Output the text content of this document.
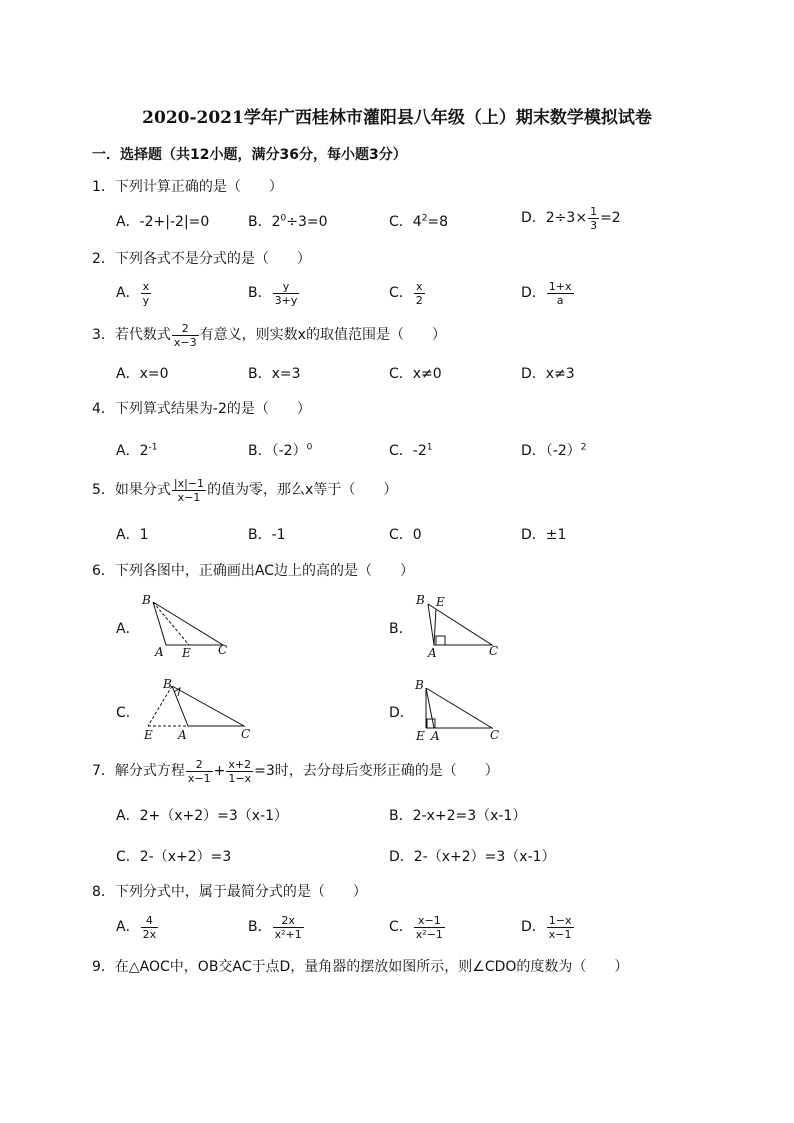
2020-2021学年广西桂林市灌阳县八年级（上）期末数学模拟试卷
一．选择题（共12小题，满分36分，每小题3分）
1．下列计算正确的是（　　）
A．-2+|-2|=0	B．$2^0\div 3=0$	C．$4^2=8$	D．$2\div 3\times \frac{1}{3} =2$
2．下列各式不是分式的是（　　）
A． $\frac{x}{y}$	B． $\frac{y}{3+y}$	C． $\frac{x}{2}$	D． $\frac{1+x}{a}$
3．若代数式 $\frac{2}{x-3}$ 有意义，则实数x的取值范围是（　　）
A．x=0	B．x=3	C．x≠0	D．x≠3
4．下列算式结果为-2的是（　　）
A．$2^{-1}$	B．$(-2)^0$	C．$-2^1$	D．$(-2)^2$
5．如果分式 $\frac{|x|-1}{x-1}$ 的值为零，那么x等于（　　）
A．1	B．-1	C．0	D．±1
6．下列各图中，正确画出AC边上的高的是（　　）
A．	B．
C．	D．
B
A E C
B E
A	C
B
E A	C
B
E A	C
7．解分式方程 $\frac{2}{x-1} + \frac{x+2}{1-x} =3$时，去分母后变形正确的是（　　）
A．2+（x+2）=3（x-1）	B．2-x+2=3（x-1）
C．2-（x+2）=3	D．2-（x+2）=3（x-1）
8．下列分式中，属于最简分式的是（　　）
A． $\frac{4}{2x}$	B． $\frac{2x}{\text{x²+1}}$	C． $\frac{x-1}{\text{x²−1}}$	D． $\frac{1-x}{x-1}$
9．在△AOC中，OB交AC于点D，量角器的摆放如图所示，则∠CDO的度数为（　　）
